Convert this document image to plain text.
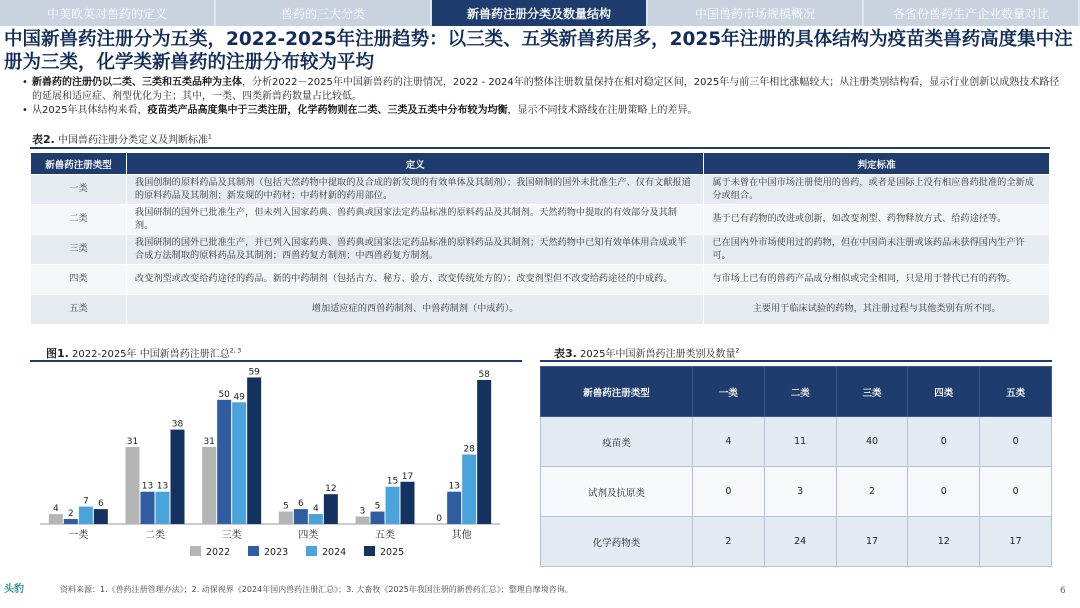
中美欧英对兽药的定义	兽药的三大分类	新兽药注册分类及数量结构	中国兽药市场规模概况	各省份兽药生产企业数量对比
中国新兽药注册分为五类，2022-2025年注册趋势：以三类、五类新兽药居多，2025年注册的具体结构为疫苗类兽药高度集中注册为三类，化学类新兽药的注册分布较为平均
• 新兽药的注册仍以二类、三类和五类品种为主体，分析2022－2025年中国新兽药的注册情况，2022 - 2024年的整体注册数量保持在相对稳定区间，2025年与前三年相比涨幅较大；从注册类别结构看，显示行业创新以成熟技术路径的延展和适应症、剂型优化为主；其中，一类、四类新兽药数量占比较低。
• 从2025年具体结构来看，疫苗类产品高度集中于三类注册，化学药物则在二类、三类及五类中分布较为均衡，显示不同技术路线在注册策略上的差异。
表2. 中国兽药注册分类定义及判断标准$^1$
新兽药注册类型	定义	判定标准
一类	我国创制的原料药品及其制剂（包括天然药物中提取的及合成的新发现的有效单体及其制剂）；我国研制的国外未批准生产、仅有文献报道的原料药品及其制剂；新发现的中药材；中药材新的药用部位。	属于未曾在中国市场注册使用的兽药，或者是国际上没有相应兽药批准的全新成分或组合。
二类	我国研制的国外已批准生产，但未列入国家药典、兽药典或国家法定药品标准的原料药品及其制剂。天然药物中提取的有效部分及其制剂。	基于已有药物的改进或创新，如改变剂型、药物释放方式、给药途径等。
三类	我国研制的国外已批准生产，并已列入国家药典、兽药典或国家法定药品标准的原料药品及其制剂；天然药物中已知有效单体用合成或半合成方法制取的原料药品及其制剂；西兽药复方制剂；中西兽药复方制剂。	已在国内外市场使用过的药物，但在中国尚未注册或该药品未获得国内生产许可。
四类	改变剂型或改变给药途径的药品。新的中药制剂（包括古方、秘方、验方、改变传统处方的）；改变剂型但不改变给药途径的中成药。	与市场上已有的兽药产品成分相似或完全相同，只是用于替代已有的药物。
五类	增加适应症的西兽药制剂、中兽药制剂（中成药）。	主要用于临床试验的药物，其注册过程与其他类别有所不同。
图1. 2022-2025年 中国新兽药注册汇总$^{2, 3}$
4 2
7 6
一类
31
13 13
38
二类
31
50 49
59
三类
5 6 4
12
四类
3 5
15 17
五类
0
13
28
58
其他
2022	2023	2024	2025
表3. 2025年中国新兽药注册类别及数量$^2$
新兽药注册类型	一类	二类	三类	四类	五类
疫苗类	4	11	40	0	0
试剂及抗原类	0	3	2	0	0
化学药物类	2	24	17	12	17
头豹	资料来源：1.《兽药注册管理办法》；2. 动保视界《2024年国内兽药注册汇总》；3. 大畜牧《2025年我国注册的新兽药汇总》；整理自摩境咨询。	6
